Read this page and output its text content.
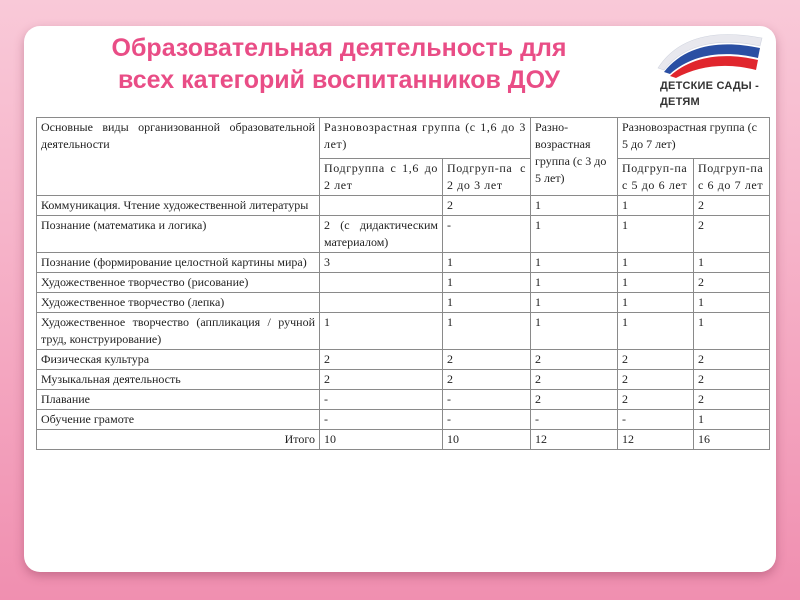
Образовательная деятельность для
всех категорий воспитанников ДОУ	ДЕТСКИЕ САДЫ -
ДЕТЯМ
Основные виды организованной образовательной деятельности	Разновозрастная группа (с 1,6 до 3 лет)		Разно-возрастная группа (с 3 до 5 лет)	Разновозрастная группа (с 5 до 7 лет)	
	Подгруппа с 1,6 до 2 лет	Подгруп-па с 2 до 3 лет		Подгруп-па с 5 до 6 лет	Подгруп-па с 6 до 7 лет
Коммуникация. Чтение художественной литературы		2	1	1	2
Познание (математика и логика)	2 (с дидактическим материалом)	-	1	1	2
Познание (формирование целостной картины мира)	3	1	1	1	1
Художественное творчество (рисование)		1	1	1	2
Художественное творчество (лепка)		1	1	1	1
Художественное творчество (аппликация / ручной труд, конструирование)	1	1	1	1	1
Физическая культура	2	2	2	2	2
Музыкальная деятельность	2	2	2	2	2
Плавание	-	-	2	2	2
Обучение грамоте	-	-	-	-	1
Итого	10	10	12	12	16
